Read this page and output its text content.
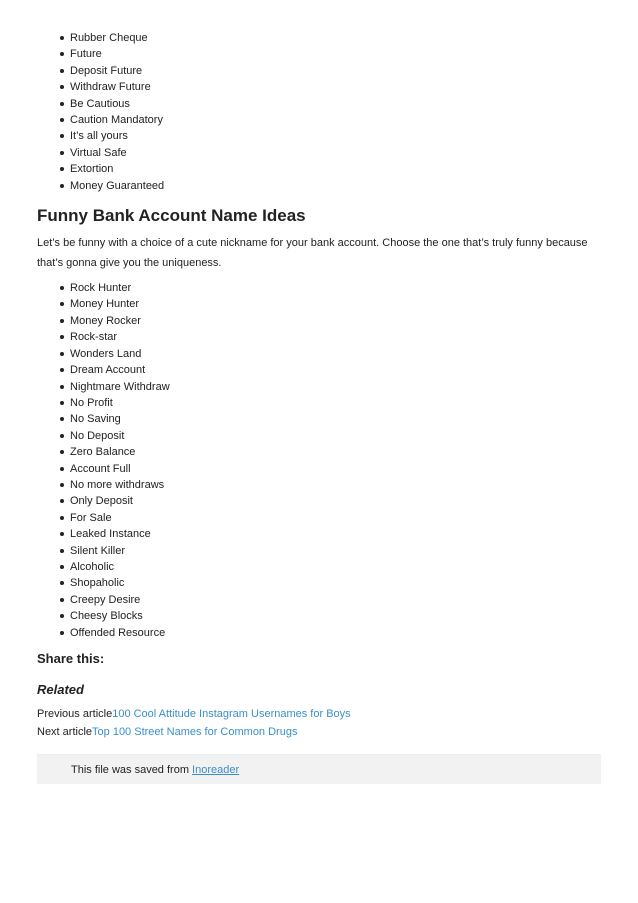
Rubber Cheque
Future
Deposit Future
Withdraw Future
Be Cautious
Caution Mandatory
It’s all yours
Virtual Safe
Extortion
Money Guaranteed
Funny Bank Account Name Ideas

Let’s be funny with a choice of a cute nickname for your bank account. Choose the one that’s truly funny because that’s gonna give you the uniqueness.

Rock Hunter
Money Hunter
Money Rocker
Rock-star
Wonders Land
Dream Account
Nightmare Withdraw
No Profit
No Saving
No Deposit
Zero Balance
Account Full
No more withdraws
Only Deposit
For Sale
Leaked Instance
Silent Killer
Alcoholic
Shopaholic
Creepy Desire
Cheesy Blocks
Offended Resource
Share this:
Related
Previous article100 Cool Attitude Instagram Usernames for Boys
Next articleTop 100 Street Names for Common Drugs
This file was saved from Inoreader
